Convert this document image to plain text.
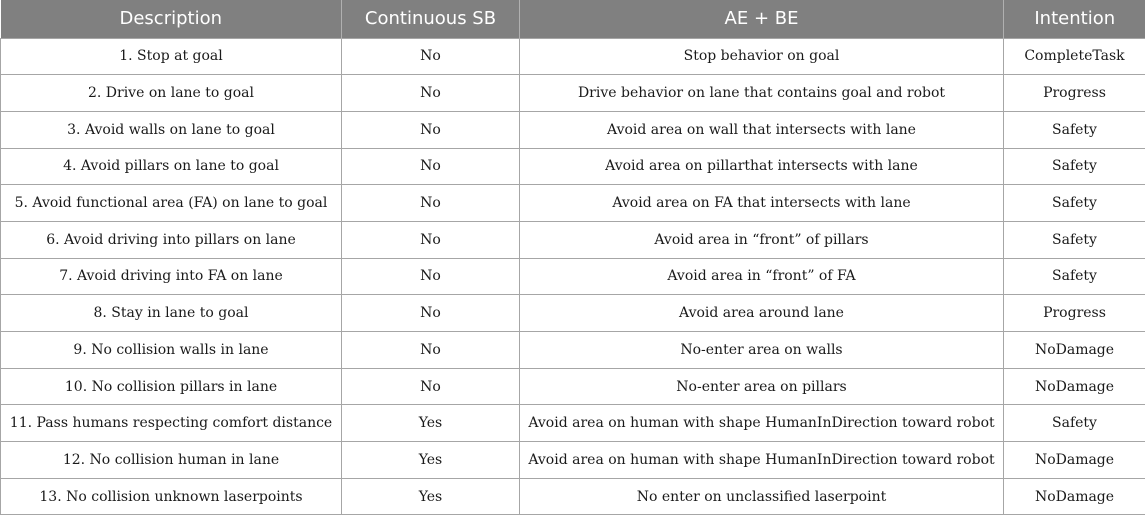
Description	Continuous SB	AE + BE	Intention
1. Stop at goal	No	Stop behavior on goal	CompleteTask
2. Drive on lane to goal	No	Drive behavior on lane that contains goal and robot	Progress
3. Avoid walls on lane to goal	No	Avoid area on wall that intersects with lane	Safety
4. Avoid pillars on lane to goal	No	Avoid area on pillarthat intersects with lane	Safety
5. Avoid functional area (FA) on lane to goal	No	Avoid area on FA that intersects with lane	Safety
6. Avoid driving into pillars on lane	No	Avoid area in “front” of pillars	Safety
7. Avoid driving into FA on lane	No	Avoid area in “front” of FA	Safety
8. Stay in lane to goal	No	Avoid area around lane	Progress
9. No collision walls in lane	No	No-enter area on walls	NoDamage
10. No collision pillars in lane	No	No-enter area on pillars	NoDamage
11. Pass humans respecting comfort distance	Yes	Avoid area on human with shape HumanInDirection toward robot	Safety
12. No collision human in lane	Yes	Avoid area on human with shape HumanInDirection toward robot	NoDamage
13. No collision unknown laserpoints	Yes	No enter on unclassified laserpoint	NoDamage
